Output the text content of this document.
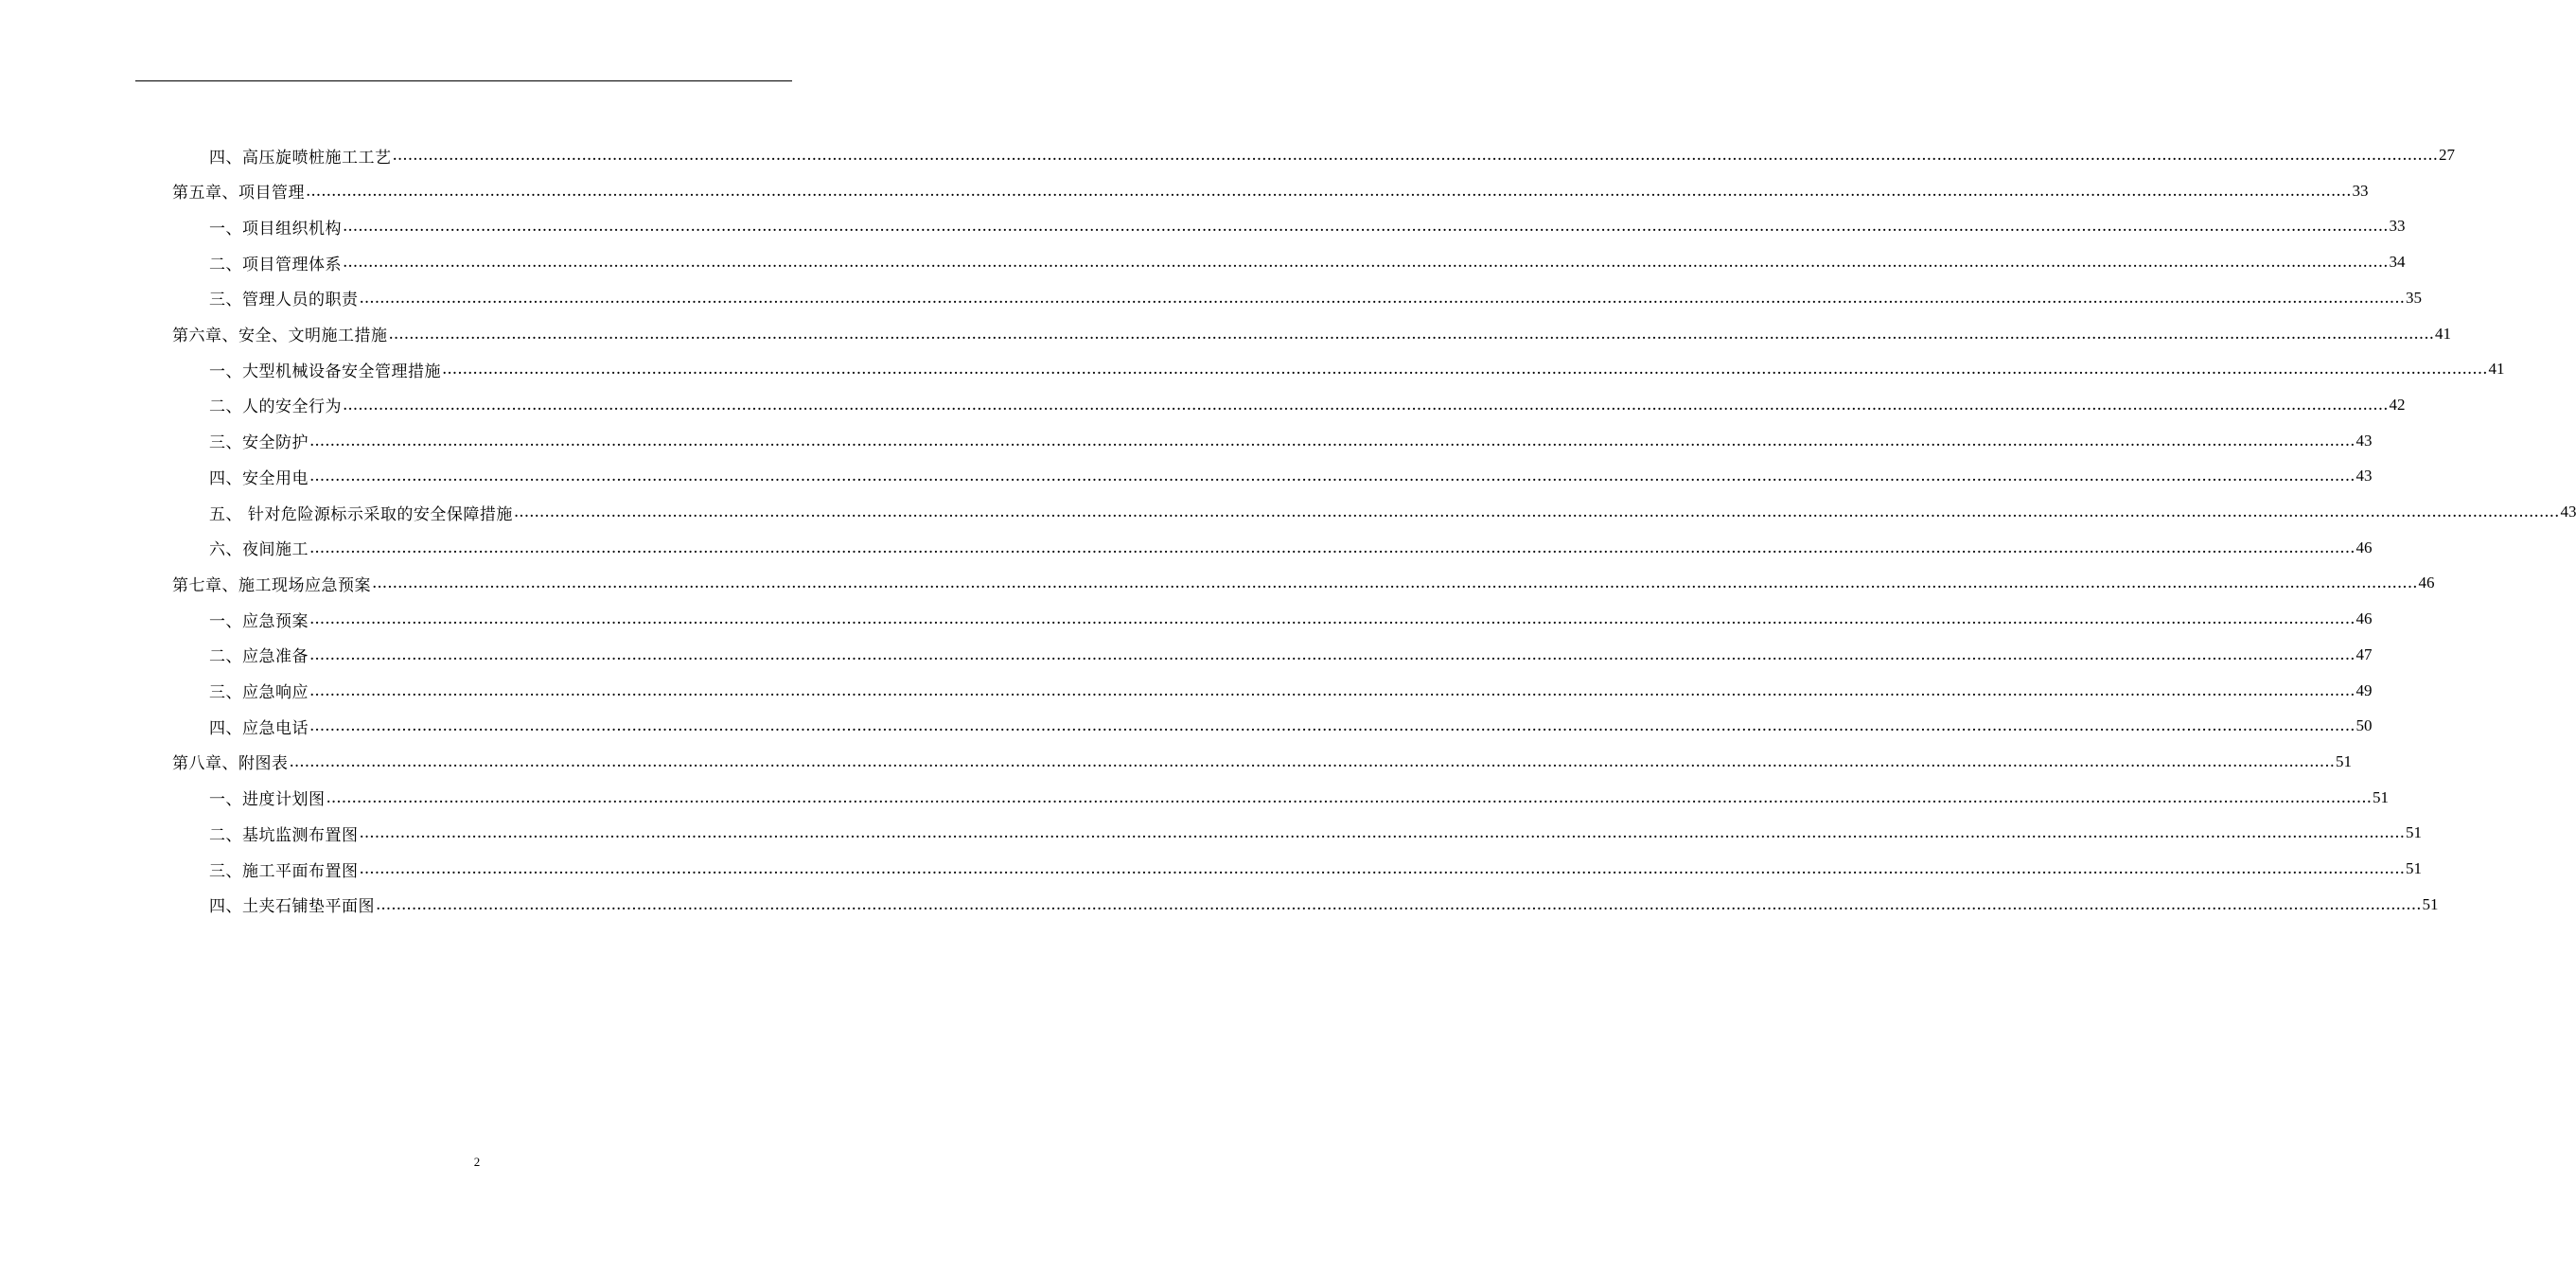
四、高压旋喷桩施工工艺 ................................................................................................................................................................................................................................................................................................................................................................................................................ 27
第五章、项目管理 ................................................................................................................................................................................................................................................................................................................................................................................................................ 33
一、项目组织机构 ................................................................................................................................................................................................................................................................................................................................................................................................................ 33
二、项目管理体系 ................................................................................................................................................................................................................................................................................................................................................................................................................ 34
三、管理人员的职责 ................................................................................................................................................................................................................................................................................................................................................................................................................ 35
第六章、安全、文明施工措施 ................................................................................................................................................................................................................................................................................................................................................................................................................ 41
一、大型机械设备安全管理措施 ................................................................................................................................................................................................................................................................................................................................................................................................................ 41
二、人的安全行为 ................................................................................................................................................................................................................................................................................................................................................................................................................ 42
三、安全防护 ................................................................................................................................................................................................................................................................................................................................................................................................................ 43
四、安全用电 ................................................................................................................................................................................................................................................................................................................................................................................................................ 43
五、 针对危险源标示采取的安全保障措施 ................................................................................................................................................................................................................................................................................................................................................................................................................ 43
六、夜间施工 ................................................................................................................................................................................................................................................................................................................................................................................................................ 46
第七章、施工现场应急预案 ................................................................................................................................................................................................................................................................................................................................................................................................................ 46
一、应急预案 ................................................................................................................................................................................................................................................................................................................................................................................................................ 46
二、应急准备 ................................................................................................................................................................................................................................................................................................................................................................................................................ 47
三、应急响应 ................................................................................................................................................................................................................................................................................................................................................................................................................ 49
四、应急电话 ................................................................................................................................................................................................................................................................................................................................................................................................................ 50
第八章、附图表 ................................................................................................................................................................................................................................................................................................................................................................................................................ 51
一、进度计划图 ................................................................................................................................................................................................................................................................................................................................................................................................................ 51
二、基坑监测布置图 ................................................................................................................................................................................................................................................................................................................................................................................................................ 51
三、施工平面布置图 ................................................................................................................................................................................................................................................................................................................................................................................................................ 51
四、土夹石铺垫平面图 ................................................................................................................................................................................................................................................................................................................................................................................................................ 51
2
